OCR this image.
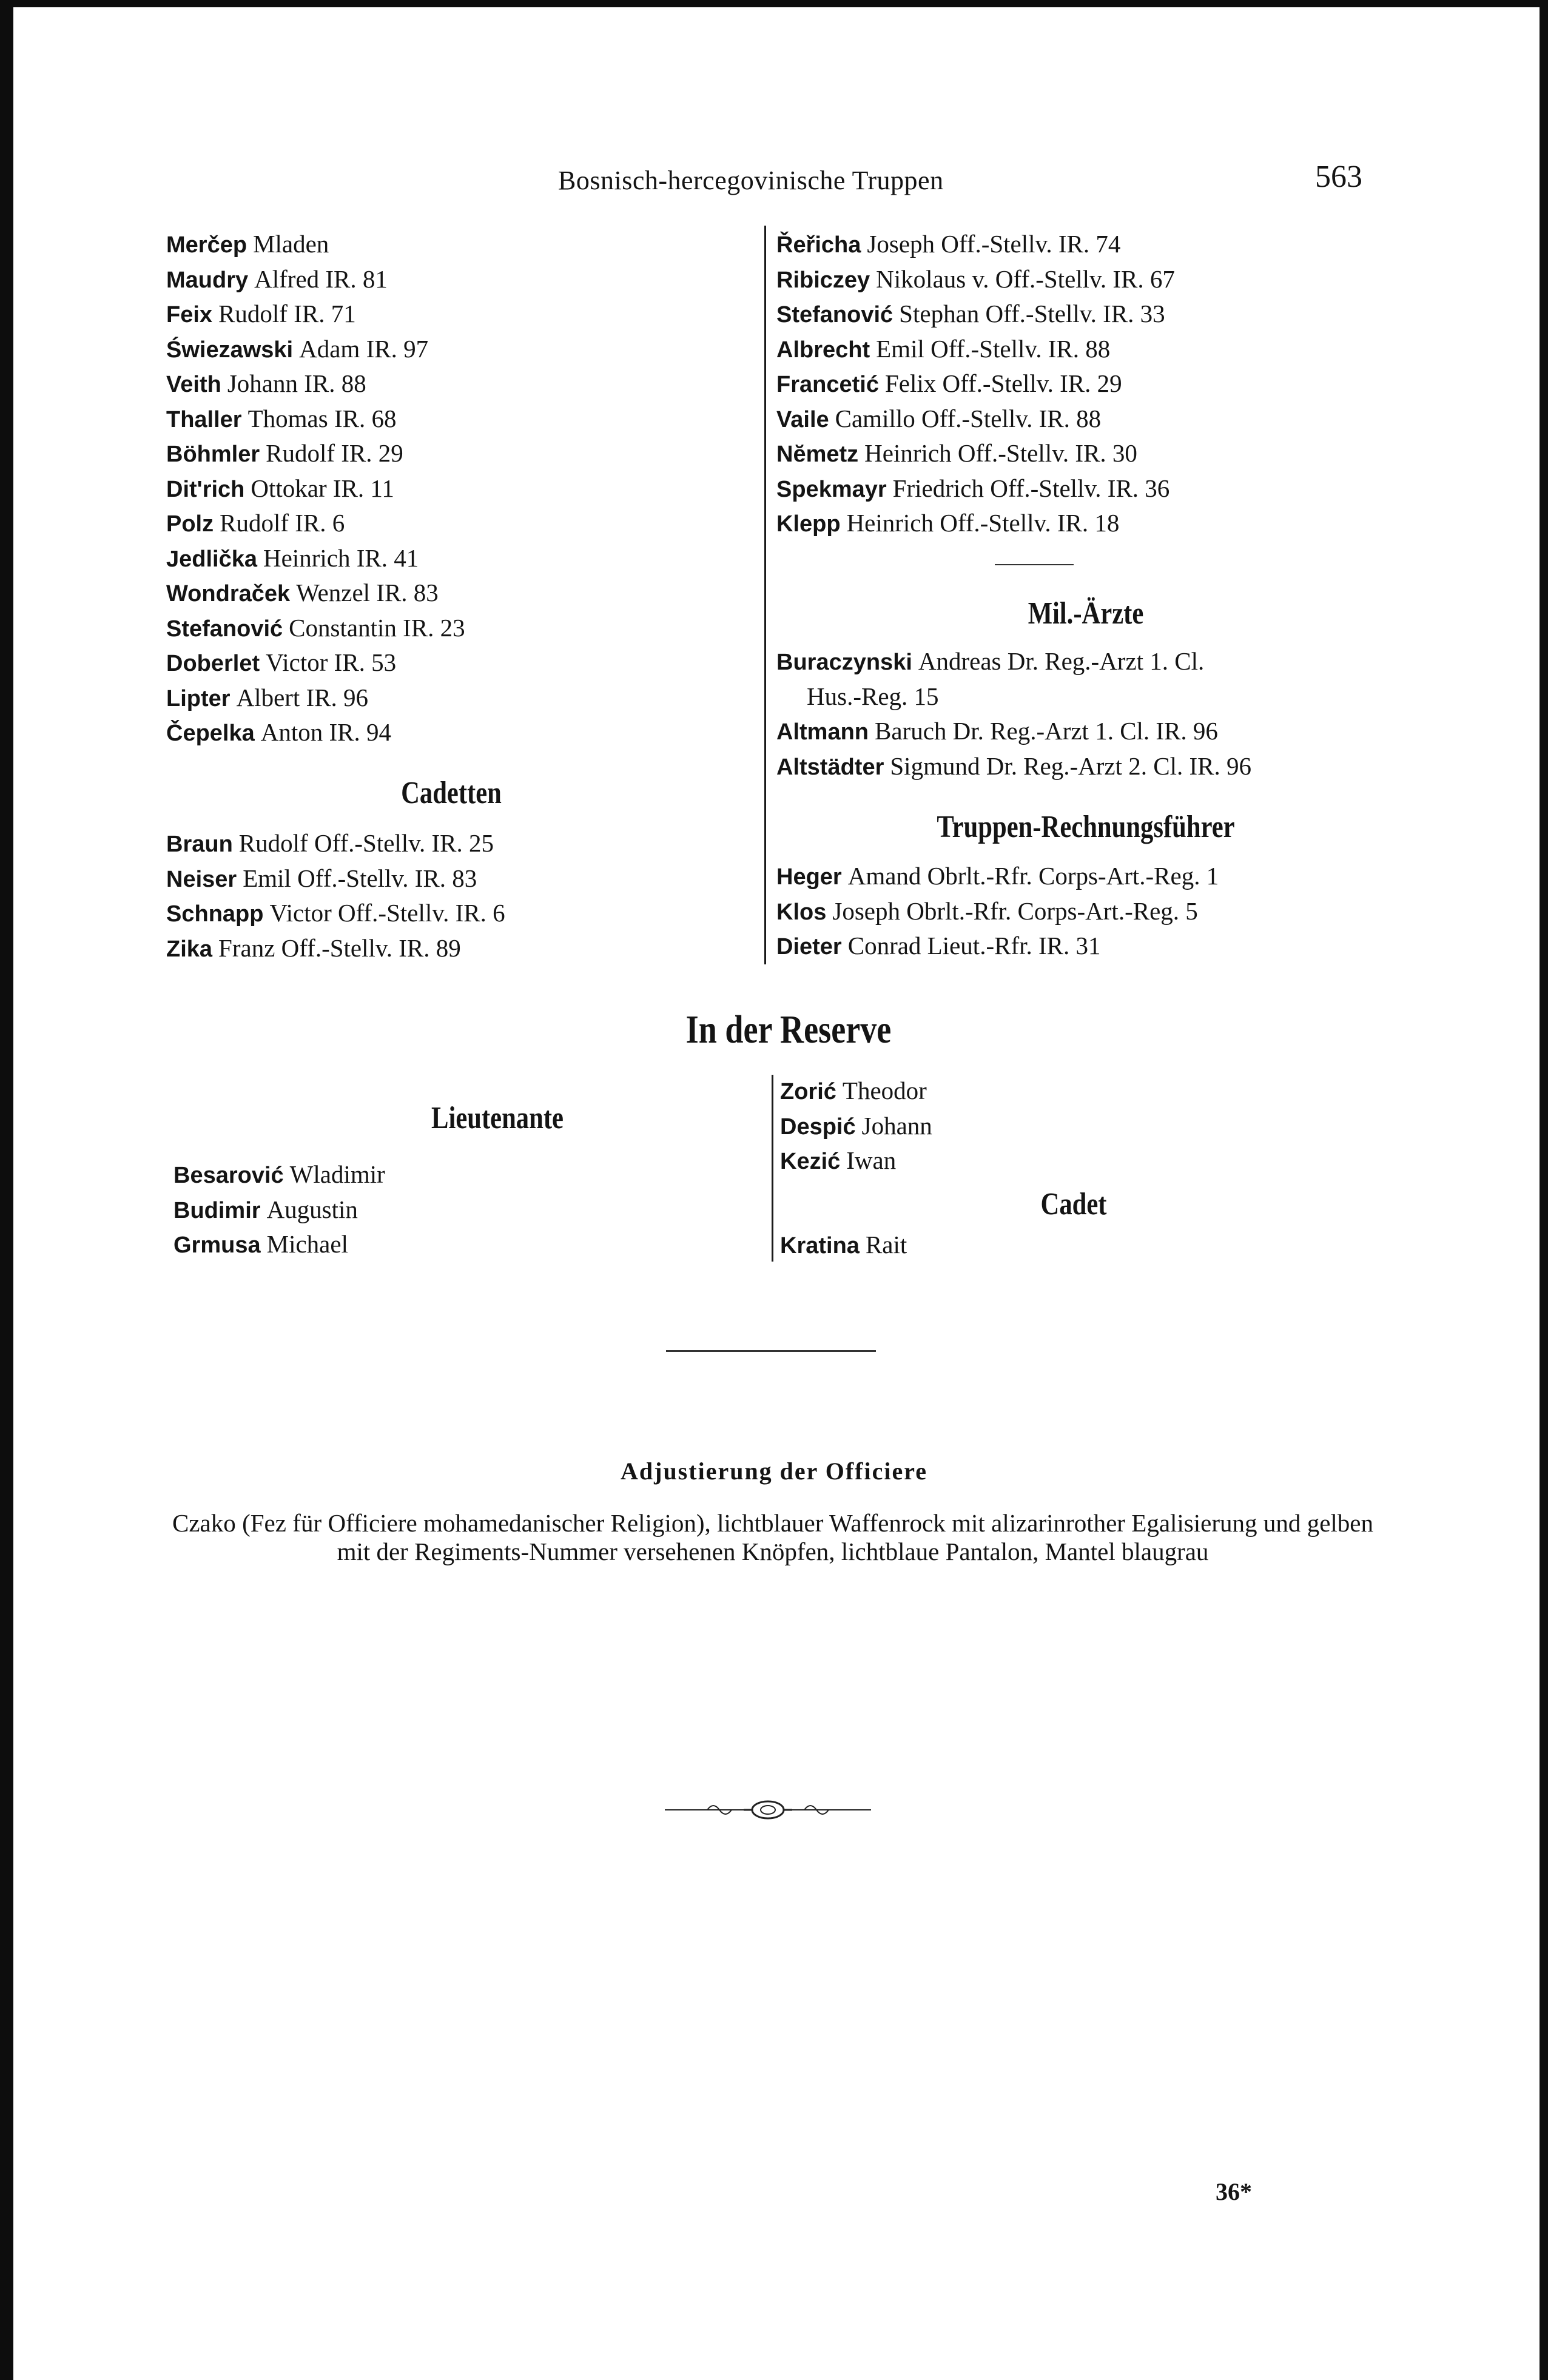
Bosnisch-hercegovinische Truppen	563
Merčep Mladen
Maudry Alfred IR. 81
Feix Rudolf IR. 71
Świezawski Adam IR. 97
Veith Johann IR. 88
Thaller Thomas IR. 68
Böhmler Rudolf IR. 29
Dit'rich Ottokar IR. 11
Polz Rudolf IR. 6
Jedlička Heinrich IR. 41
Wondraček Wenzel IR. 83
Stefanović Constantin IR. 23
Doberlet Victor IR. 53
Lipter Albert IR. 96
Čepelka Anton IR. 94
Cadetten
Braun Rudolf Off.-Stellv. IR. 25
Neiser Emil Off.-Stellv. IR. 83
Schnapp Victor Off.-Stellv. IR. 6
Zika Franz Off.-Stellv. IR. 89
Řeřicha Joseph Off.-Stellv. IR. 74
Ribiczey Nikolaus v. Off.-Stellv. IR. 67
Stefanović Stephan Off.-Stellv. IR. 33
Albrecht Emil Off.-Stellv. IR. 88
Francetić Felix Off.-Stellv. IR. 29
Vaile Camillo Off.-Stellv. IR. 88
Nĕmetz Heinrich Off.-Stellv. IR. 30
Spekmayr Friedrich Off.-Stellv. IR. 36
Klepp Heinrich Off.-Stellv. IR. 18
Mil.-Ärzte
Buraczynski Andreas Dr. Reg.-Arzt 1. Cl.
Hus.-Reg. 15
Altmann Baruch Dr. Reg.-Arzt 1. Cl. IR. 96
Altstädter Sigmund Dr. Reg.-Arzt 2. Cl. IR. 96
Truppen-Rechnungsführer
Heger Amand Obrlt.-Rfr. Corps-Art.-Reg. 1
Klos Joseph Obrlt.-Rfr. Corps-Art.-Reg. 5
Dieter Conrad Lieut.-Rfr. IR. 31
In der Reserve
Lieutenante
Besarović Wladimir
Budimir Augustin
Grmusa Michael
Zorić Theodor
Despić Johann
Kezić Iwan
Cadet
Kratina Rait
Adjustierung der Officiere
Czako (Fez für Officiere mohamedanischer Religion), lichtblauer Waffenrock mit alizarinrother Egalisierung und gelben mit der Regiments-Nummer versehenen Knöpfen, lichtblaue Pantalon, Mantel blaugrau
36*
